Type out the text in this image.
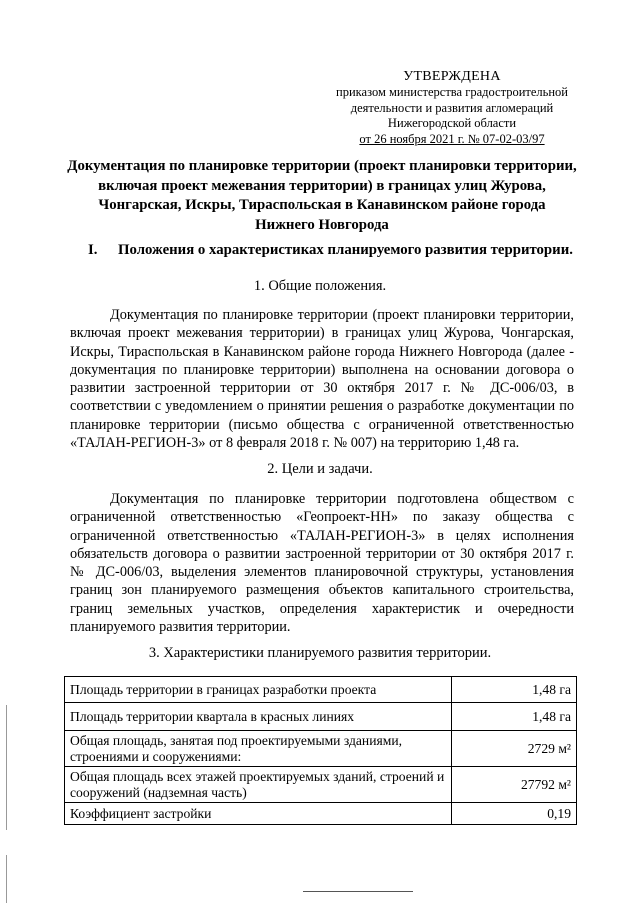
УТВЕРЖДЕНА
приказом министерства градостроительной
деятельности и развития агломераций
Нижегородской области
от 26 ноября 2021 г. № 07-02-03/97
Документация по планировке территории (проект планировки территории,
включая проект межевания территории) в границах улиц Журова,
Чонгарская, Искры, Тираспольская в Канавинском районе города
Нижнего Новгорода
I. Положения о характеристиках планируемого развития территории.
1. Общие положения.
Документация по планировке территории (проект планировки территории, включая проект межевания территории) в границах улиц Журова, Чонгарская, Искры, Тираспольская в Канавинском районе города Нижнего Новгорода (далее - документация по планировке территории) выполнена на основании договора о развитии застроенной территории от 30 октября 2017 г. № ДС-006/03, в соответствии с уведомлением о принятии решения о разработке документации по планировке территории (письмо общества с ограниченной ответственностью «ТАЛАН-РЕГИОН-3» от 8 февраля 2018 г. № 007) на территорию 1,48 га.
2. Цели и задачи.
Документация по планировке территории подготовлена обществом с ограниченной ответственностью «Геопроект-НН» по заказу общества с ограниченной ответственностью «ТАЛАН-РЕГИОН-3» в целях исполнения обязательств договора о развитии застроенной территории от 30 октября 2017 г. № ДС-006/03, выделения элементов планировочной структуры, установления границ зон планируемого размещения объектов капитального строительства, границ земельных участков, определения характеристик и очередности планируемого развития территории.
3. Характеристики планируемого развития территории.
Площадь территории в границах разработки проекта	1,48 га
Площадь территории квартала в красных линиях	1,48 га
Общая площадь, занятая под проектируемыми зданиями, строениями и сооружениями:	2729 м²
Общая площадь всех этажей проектируемых зданий, строений и сооружений (надземная часть)	27792 м²
Коэффициент застройки	0,19
